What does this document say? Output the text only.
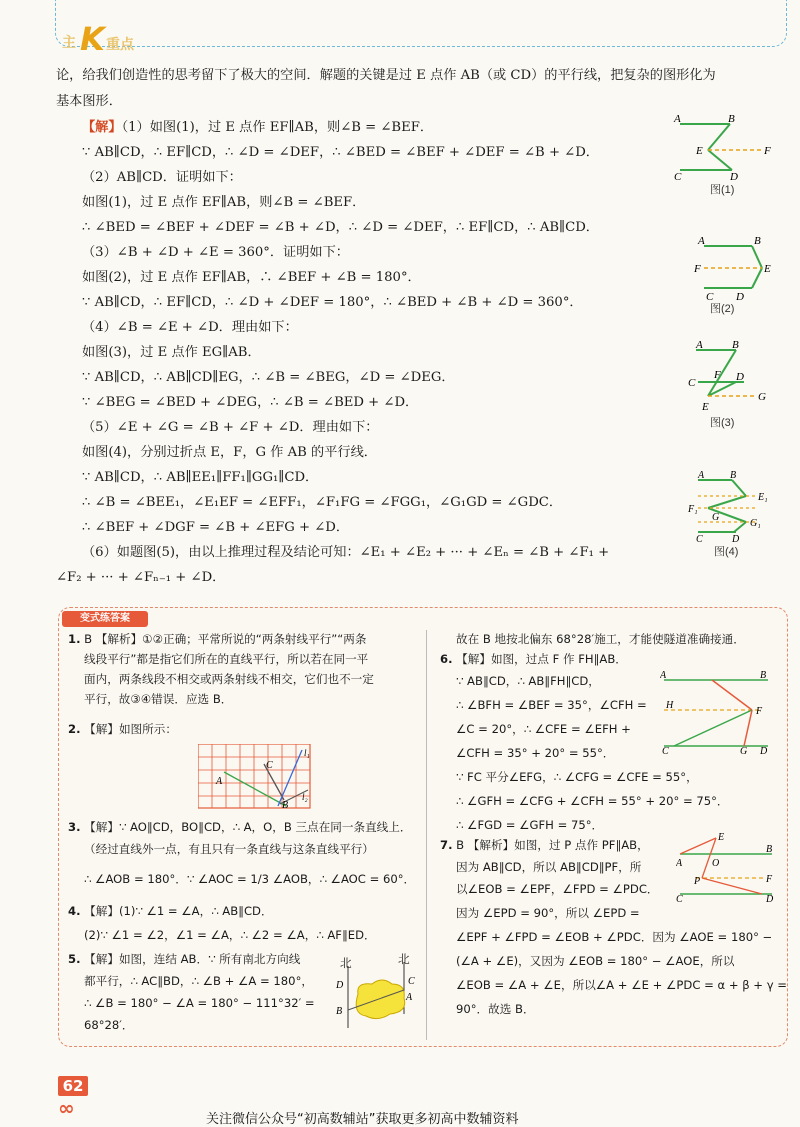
主 K 重点
论，给我们创造性的思考留下了极大的空间．解题的关键是过 E 点作 AB（或 CD）的平行线，把复杂的图形化为
基本图形．
【解】（1）如图(1)，过 E 点作 EF∥AB，则∠B = ∠BEF．
∵ AB∥CD，∴ EF∥CD，∴ ∠D = ∠DEF，∴ ∠BED = ∠BEF + ∠DEF = ∠B + ∠D．
（2）AB∥CD．证明如下：
如图(1)，过 E 点作 EF∥AB，则∠B = ∠BEF．
∴ ∠BED = ∠BEF + ∠DEF = ∠B + ∠D，∴ ∠D = ∠DEF，∴ EF∥CD，∴ AB∥CD．
（3）∠B + ∠D + ∠E = 360°．证明如下：
如图(2)，过 E 点作 EF∥AB，∴ ∠BEF + ∠B = 180°．
∵ AB∥CD，∴ EF∥CD，∴ ∠D + ∠DEF = 180°，∴ ∠BED + ∠B + ∠D = 360°．
（4）∠B = ∠E + ∠D．理由如下：
如图(3)，过 E 点作 EG∥AB．
∵ AB∥CD，∴ AB∥CD∥EG，∴ ∠B = ∠BEG，∠D = ∠DEG．
∵ ∠BEG = ∠BED + ∠DEG，∴ ∠B = ∠BED + ∠D．
（5）∠E + ∠G = ∠B + ∠F + ∠D．理由如下：
如图(4)，分别过折点 E，F，G 作 AB 的平行线．
∵ AB∥CD，∴ AB∥EE₁∥FF₁∥GG₁∥CD．
∴ ∠B = ∠BEE₁，∠E₁EF = ∠EFF₁，∠F₁FG = ∠FGG₁，∠G₁GD = ∠GDC．
∴ ∠BEF + ∠DGF = ∠B + ∠EFG + ∠D．
（6）如题图(5)，由以上推理过程及结论可知：∠E₁ + ∠E₂ + ··· + ∠Eₙ = ∠B + ∠F₁ +
∠F₂ + ··· + ∠Fₙ₋₁ + ∠D．
A	B
E	F
C	D
图(1)
A	B
F	E
C D
图(2)
A	B
C
F D
E
G
图(3)
A	B
E₁
F₁
G
G₁
C	D
图(4)
变式练答案
1. B 【解析】①②正确；平常所说的“两条射线平行”“两条
线段平行”都是指它们所在的直线平行，所以若在同一平
面内，两条线段不相交或两条射线不相交，它们也不一定
平行，故③④错误．应选 B．
2. 【解】如图所示：
A
C
B
l₁
l₂
3. 【解】∵ AO∥CD，BO∥CD，∴ A，O，B 三点在同一条直线上．
（经过直线外一点，有且只有一条直线与这条直线平行）
∴ ∠AOB = 180°．∵ ∠AOC = 1/3 ∠AOB，∴ ∠AOC = 60°．
4. 【解】(1)∵ ∠1 = ∠A，∴ AB∥CD．
(2)∵ ∠1 = ∠2，∠1 = ∠A，∴ ∠2 = ∠A，∴ AF∥ED．
5. 【解】如图，连结 AB．∵ 所有南北方向线
都平行，∴ AC∥BD，∴ ∠B + ∠A = 180°，
∴ ∠B = 180° − ∠A = 180° − 111°32′ =
68°28′．
D
B
C
A
北	北
故在 B 地按北偏东 68°28′施工，才能使隧道准确接通．
6. 【解】如图，过点 F 作 FH∥AB．
∵ AB∥CD，∴ AB∥FH∥CD，
∴ ∠BFH = ∠BEF = 35°，∠CFH =
∠C = 20°，∴ ∠CFE = ∠EFH +
∠CFH = 35° + 20° = 55°．
∵ FC 平分∠EFG，∴ ∠CFG = ∠CFE = 55°，
∴ ∠GFH = ∠CFG + ∠CFH = 55° + 20° = 75°．
∴ ∠FGD = ∠GFH = 75°．
A	B
H
F
C	G D
7. B 【解析】如图，过 P 点作 PF∥AB，
因为 AB∥CD，所以 AB∥CD∥PF，所
以∠EOB = ∠EPF，∠FPD = ∠PDC．
因为 ∠EPD = 90°，所以 ∠EPD =
∠EPF + ∠FPD = ∠EOB + ∠PDC．因为 ∠AOE = 180° −
(∠A + ∠E)，又因为 ∠EOB = 180° − ∠AOE，所以
∠EOB = ∠A + ∠E，所以∠A + ∠E + ∠PDC = α + β + γ =
90°．故选 B．
E
A
B
O
P	F
C	D
62
∞	关注微信公众号“初高数辅站”获取更多初高中数辅资料
